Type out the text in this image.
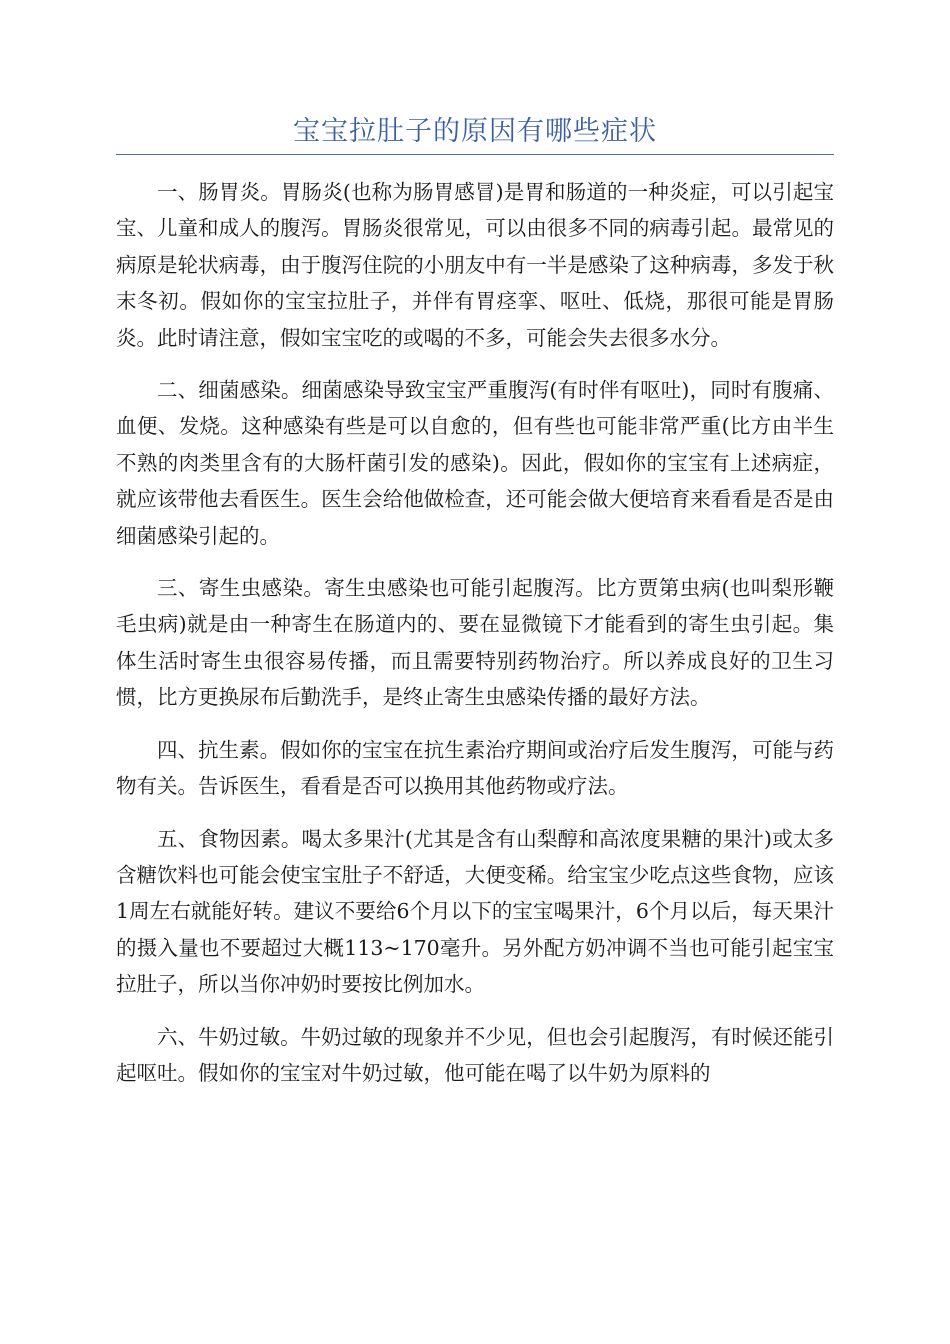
宝宝拉肚子的原因有哪些症状

一、肠胃炎。胃肠炎(也称为肠胃感冒)是胃和肠道的一种炎症，可以引起宝宝、儿童和成人的腹泻。胃肠炎很常见，可以由很多不同的病毒引起。最常见的病原是轮状病毒，由于腹泻住院的小朋友中有一半是感染了这种病毒，多发于秋末冬初。假如你的宝宝拉肚子，并伴有胃痉挛、呕吐、低烧，那很可能是胃肠炎。此时请注意，假如宝宝吃的或喝的不多，可能会失去很多水分。

二、细菌感染。细菌感染导致宝宝严重腹泻(有时伴有呕吐)，同时有腹痛、血便、发烧。这种感染有些是可以自愈的，但有些也可能非常严重(比方由半生不熟的肉类里含有的大肠杆菌引发的感染)。因此，假如你的宝宝有上述病症，就应该带他去看医生。医生会给他做检查，还可能会做大便培育来看看是否是由细菌感染引起的。

三、寄生虫感染。寄生虫感染也可能引起腹泻。比方贾第虫病(也叫梨形鞭毛虫病)就是由一种寄生在肠道内的、要在显微镜下才能看到的寄生虫引起。集体生活时寄生虫很容易传播，而且需要特别药物治疗。所以养成良好的卫生习惯，比方更换尿布后勤洗手，是终止寄生虫感染传播的最好方法。

四、抗生素。假如你的宝宝在抗生素治疗期间或治疗后发生腹泻，可能与药物有关。告诉医生，看看是否可以换用其他药物或疗法。

五、食物因素。喝太多果汁(尤其是含有山梨醇和高浓度果糖的果汁)或太多含糖饮料也可能会使宝宝肚子不舒适，大便变稀。给宝宝少吃点这些食物，应该1周左右就能好转。建议不要给6个月以下的宝宝喝果汁，6个月以后，每天果汁的摄入量也不要超过大概113~170毫升。另外配方奶冲调不当也可能引起宝宝拉肚子，所以当你冲奶时要按比例加水。

六、牛奶过敏。牛奶过敏的现象并不少见，但也会引起腹泻，有时候还能引起呕吐。假如你的宝宝对牛奶过敏，他可能在喝了以牛奶为原料的
